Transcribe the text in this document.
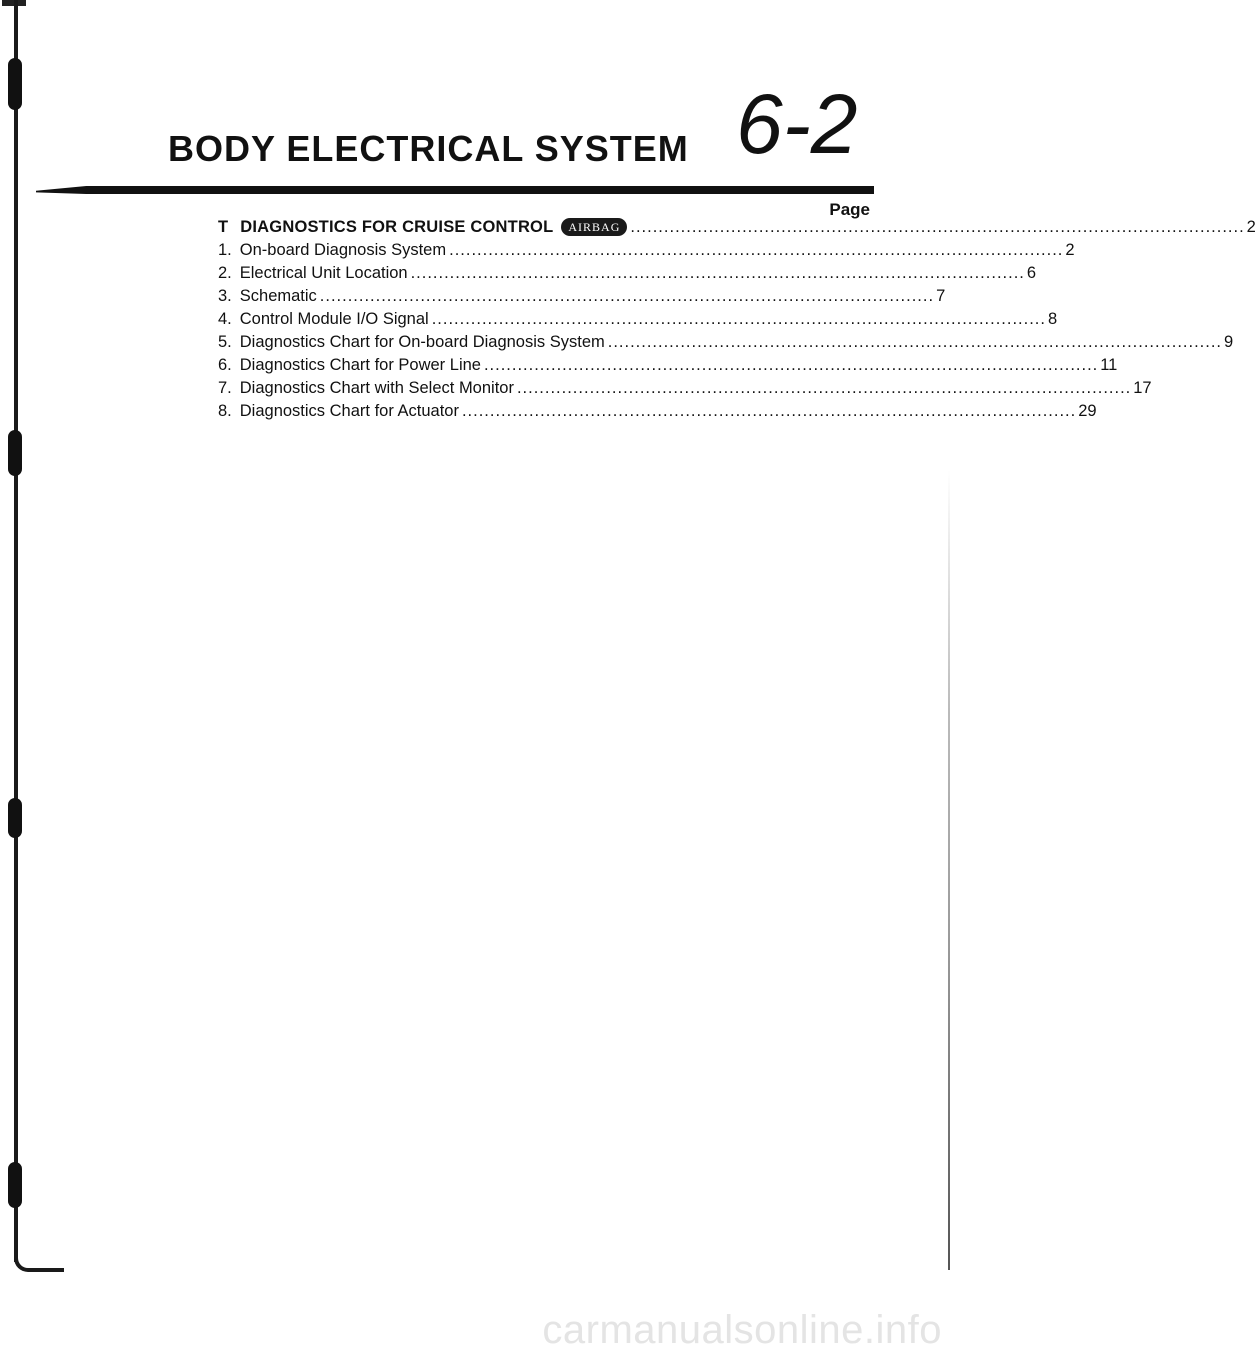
BODY ELECTRICAL SYSTEM 6-2
Page
T DIAGNOSTICS FOR CRUISE CONTROL AIRBAG .............................................................................................................. 2
1. On-board Diagnosis System .............................................................................................................. 2
2. Electrical Unit Location .............................................................................................................. 6
3. Schematic .............................................................................................................. 7
4. Control Module I/O Signal .............................................................................................................. 8
5. Diagnostics Chart for On-board Diagnosis System .............................................................................................................. 9
6. Diagnostics Chart for Power Line .............................................................................................................. 11
7. Diagnostics Chart with Select Monitor .............................................................................................................. 17
8. Diagnostics Chart for Actuator .............................................................................................................. 29
carmanualsonline.info
